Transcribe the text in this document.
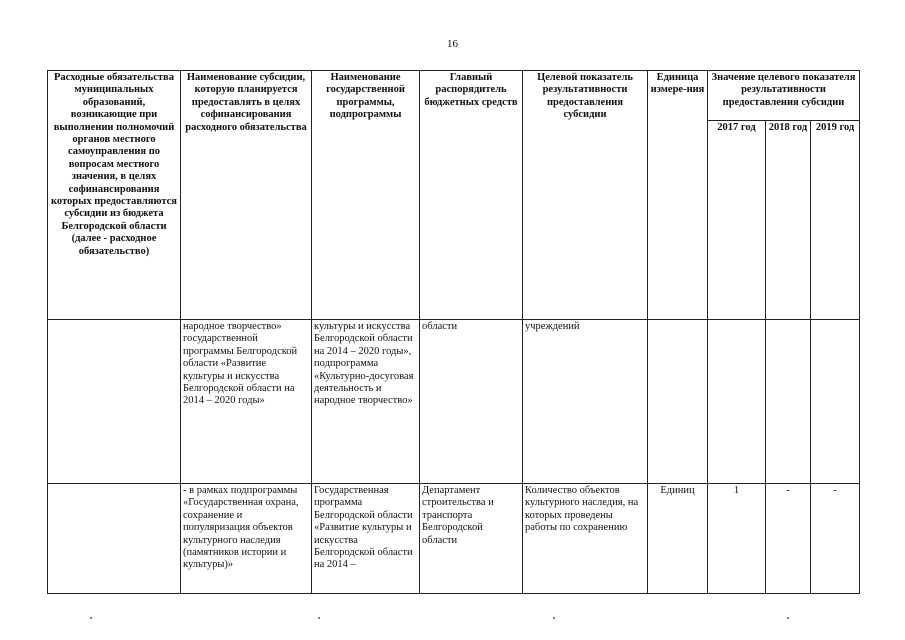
16
Расходные обязательства муниципальных образований, возникающие при выполнении полномочий органов местного самоуправления по вопросам местного значения, в целях софинансирования которых предоставляются субсидии из бюджета Белгородской области (далее - расходное обязательство)	Наименование субсидии, которую планируется предоставлять в целях софинансирования расходного обязательства	Наименование государственной программы, подпрограммы	Главный распорядитель бюджетных средств	Целевой показатель результативности предоставления субсидии	Единица измере-ния	Значение целевого показателя результативности предоставления субсидии		
						2017 год	2018 год	2019 год
	народное творчество» государственной программы Белгородской области «Развитие культуры и искусства Белгородской области на 2014 – 2020 годы»	культуры и искусства Белгородской области на 2014 – 2020 годы», подпрограмма «Культурно-досуговая деятельность и народное творчество»	области	учреждений				
	- в рамках подпрограммы «Государственная охрана, сохранение и популяризация объектов культурного наследия (памятников истории и культуры)»	Государственная программа Белгородской области «Развитие культуры и искусства Белгородской области на 2014 –	Департамент строительства и транспорта Белгородской области	Количество объектов культурного наследия, на которых проведены работы по сохранению	Единиц	1	-	-
